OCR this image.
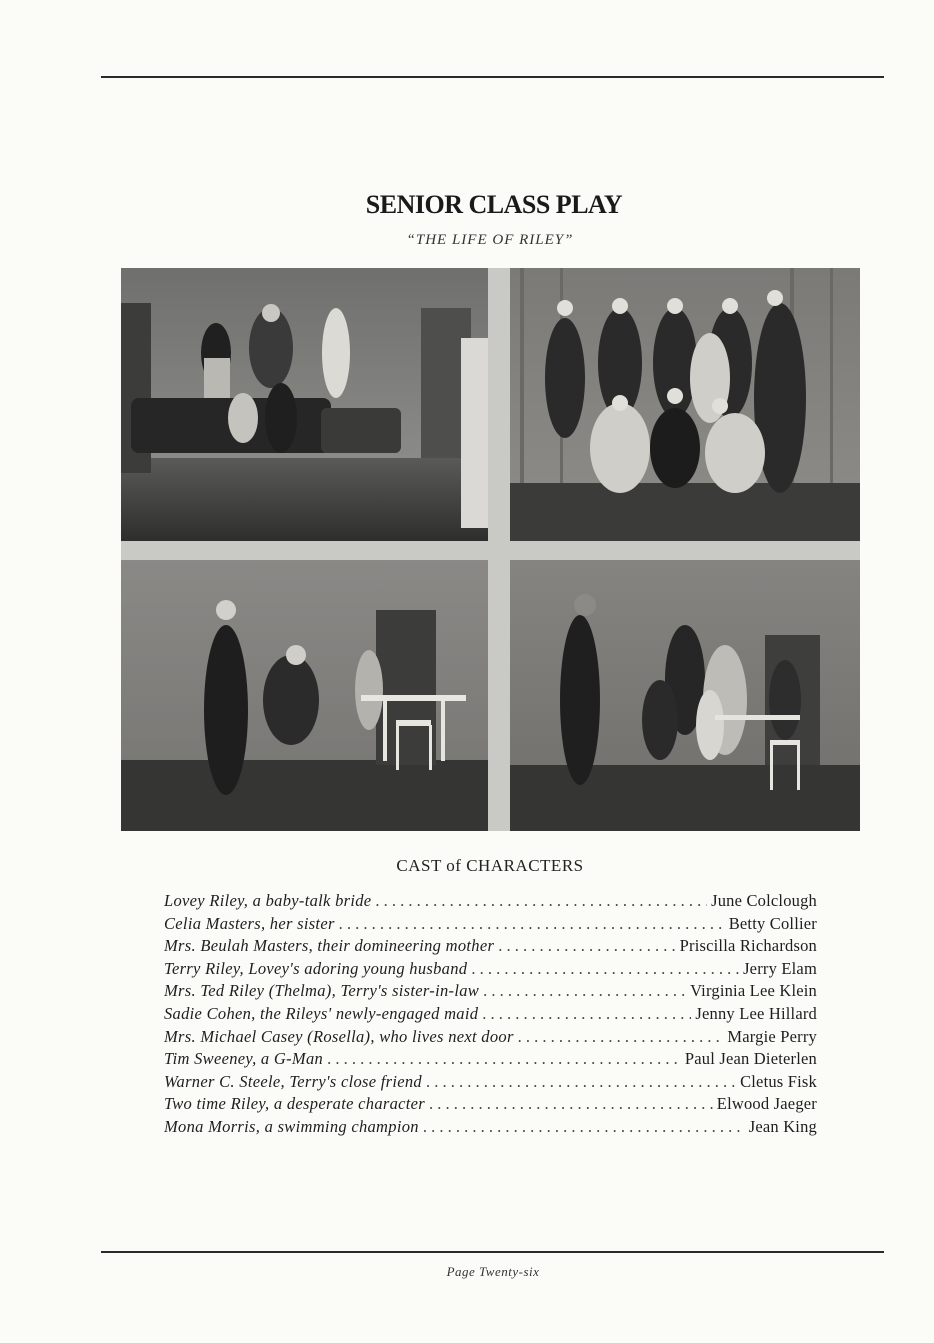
SENIOR CLASS PLAY
“THE LIFE OF RILEY”
CAST of CHARACTERS
Lovey Riley, a baby-talk bride . . .	June Colclough
Celia Masters, her sister . . .	Betty Collier
Mrs. Beulah Masters, their domineering mother . . .	Priscilla Richardson
Terry Riley, Lovey's adoring young husband . . .	Jerry Elam
Mrs. Ted Riley (Thelma), Terry's sister-in-law . . .	Virginia Lee Klein
Sadie Cohen, the Rileys' newly-engaged maid . . .	Jenny Lee Hillard
Mrs. Michael Casey (Rosella), who lives next door . . .	Margie Perry
Tim Sweeney, a G-Man . . .	Paul Jean Dieterlen
Warner C. Steele, Terry's close friend . . .	Cletus Fisk
Two time Riley, a desperate character . . .	Elwood Jaeger
Mona Morris, a swimming champion . . .	Jean King
Page Twenty-six
